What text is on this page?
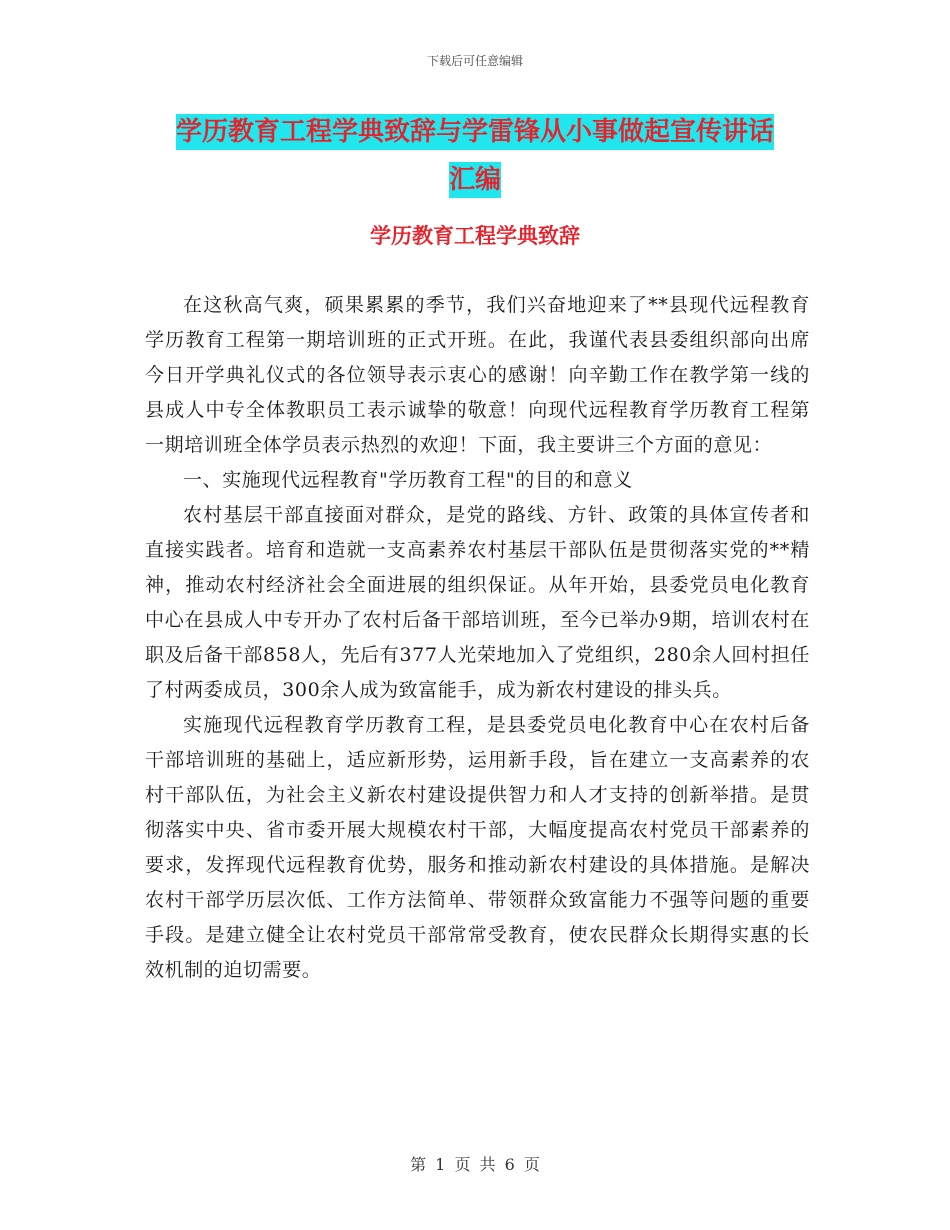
下载后可任意编辑
学历教育工程学典致辞与学雷锋从小事做起宣传讲话
汇编
学历教育工程学典致辞

在这秋高气爽，硕果累累的季节，我们兴奋地迎来了**县现代远程教育学历教育工程第一期培训班的正式开班。在此，我谨代表县委组织部向出席今日开学典礼仪式的各位领导表示衷心的感谢！向辛勤工作在教学第一线的县成人中专全体教职员工表示诚挚的敬意！向现代远程教育学历教育工程第一期培训班全体学员表示热烈的欢迎！下面，我主要讲三个方面的意见：

一、实施现代远程教育"学历教育工程"的目的和意义

农村基层干部直接面对群众，是党的路线、方针、政策的具体宣传者和直接实践者。培育和造就一支高素养农村基层干部队伍是贯彻落实党的**精神，推动农村经济社会全面进展的组织保证。从年开始，县委党员电化教育中心在县成人中专开办了农村后备干部培训班，至今已举办9期，培训农村在职及后备干部858人，先后有377人光荣地加入了党组织，280余人回村担任了村两委成员，300余人成为致富能手，成为新农村建设的排头兵。

实施现代远程教育学历教育工程，是县委党员电化教育中心在农村后备干部培训班的基础上，适应新形势，运用新手段，旨在建立一支高素养的农村干部队伍，为社会主义新农村建设提供智力和人才支持的创新举措。是贯彻落实中央、省市委开展大规模农村干部，大幅度提高农村党员干部素养的要求，发挥现代远程教育优势，服务和推动新农村建设的具体措施。是解决农村干部学历层次低、工作方法简单、带领群众致富能力不强等问题的重要手段。是建立健全让农村党员干部常常受教育，使农民群众长期得实惠的长效机制的迫切需要。

第 1 页 共 6 页
